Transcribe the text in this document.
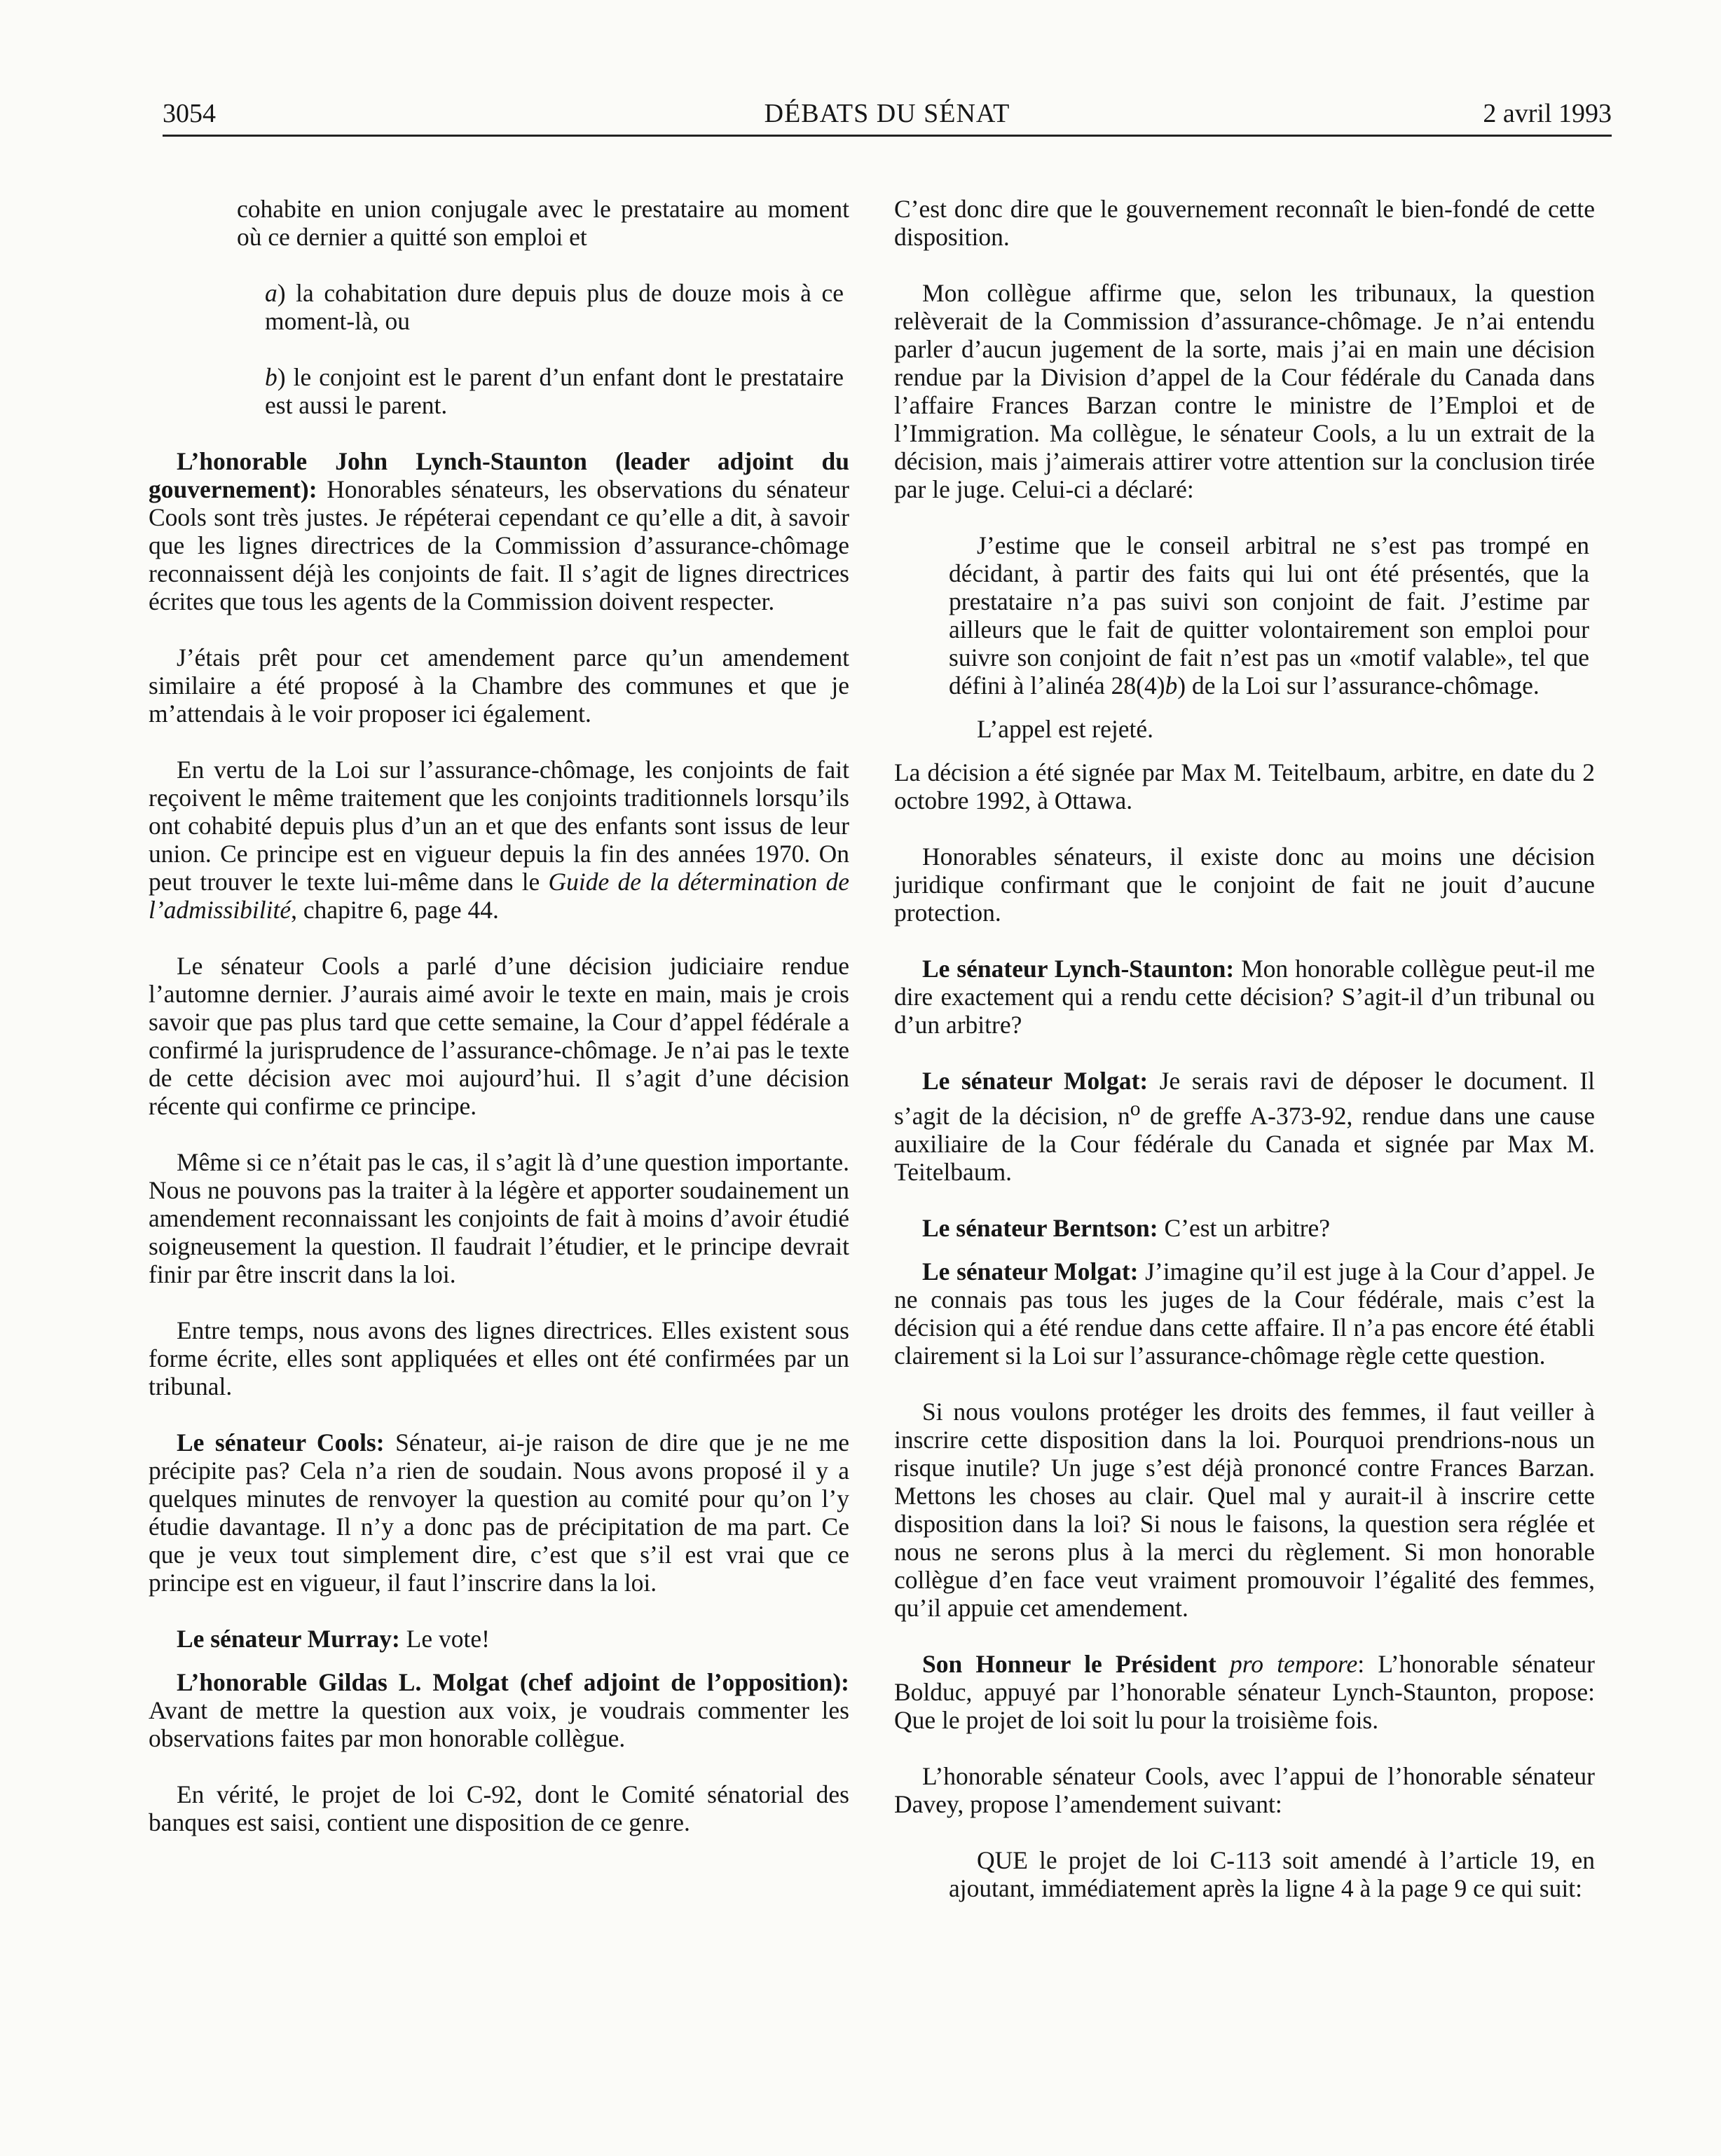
3054	DÉBATS DU SÉNAT	2 avril 1993

cohabite en union conjugale avec le prestataire au moment où ce dernier a quitté son emploi et

a) la cohabitation dure depuis plus de douze mois à ce moment-là, ou

b) le conjoint est le parent d’un enfant dont le prestataire est aussi le parent.

L’honorable John Lynch-Staunton (leader adjoint du gouvernement): Honorables sénateurs, les observations du sénateur Cools sont très justes. Je répéterai cependant ce qu’elle a dit, à savoir que les lignes directrices de la Commission d’assurance-chômage reconnaissent déjà les conjoints de fait. Il s’agit de lignes directrices écrites que tous les agents de la Commission doivent respecter.

J’étais prêt pour cet amendement parce qu’un amendement similaire a été proposé à la Chambre des communes et que je m’attendais à le voir proposer ici également.

En vertu de la Loi sur l’assurance-chômage, les conjoints de fait reçoivent le même traitement que les conjoints traditionnels lorsqu’ils ont cohabité depuis plus d’un an et que des enfants sont issus de leur union. Ce principe est en vigueur depuis la fin des années 1970. On peut trouver le texte lui-même dans le Guide de la détermination de l’admissibilité, chapitre 6, page 44.

Le sénateur Cools a parlé d’une décision judiciaire rendue l’automne dernier. J’aurais aimé avoir le texte en main, mais je crois savoir que pas plus tard que cette semaine, la Cour d’appel fédérale a confirmé la jurisprudence de l’assurance-chômage. Je n’ai pas le texte de cette décision avec moi aujourd’hui. Il s’agit d’une décision récente qui confirme ce principe.

Même si ce n’était pas le cas, il s’agit là d’une question importante. Nous ne pouvons pas la traiter à la légère et apporter soudainement un amendement reconnaissant les conjoints de fait à moins d’avoir étudié soigneusement la question. Il faudrait l’étudier, et le principe devrait finir par être inscrit dans la loi.

Entre temps, nous avons des lignes directrices. Elles existent sous forme écrite, elles sont appliquées et elles ont été confirmées par un tribunal.

Le sénateur Cools: Sénateur, ai-je raison de dire que je ne me précipite pas? Cela n’a rien de soudain. Nous avons proposé il y a quelques minutes de renvoyer la question au comité pour qu’on l’y étudie davantage. Il n’y a donc pas de précipitation de ma part. Ce que je veux tout simplement dire, c’est que s’il est vrai que ce principe est en vigueur, il faut l’inscrire dans la loi.

Le sénateur Murray: Le vote!

L’honorable Gildas L. Molgat (chef adjoint de l’opposition): Avant de mettre la question aux voix, je voudrais commenter les observations faites par mon honorable collègue.

En vérité, le projet de loi C-92, dont le Comité sénatorial des banques est saisi, contient une disposition de ce genre.

C’est donc dire que le gouvernement reconnaît le bien-fondé de cette disposition.

Mon collègue affirme que, selon les tribunaux, la question relèverait de la Commission d’assurance-chômage. Je n’ai entendu parler d’aucun jugement de la sorte, mais j’ai en main une décision rendue par la Division d’appel de la Cour fédérale du Canada dans l’affaire Frances Barzan contre le ministre de l’Emploi et de l’Immigration. Ma collègue, le sénateur Cools, a lu un extrait de la décision, mais j’aimerais attirer votre attention sur la conclusion tirée par le juge. Celui-ci a déclaré:

J’estime que le conseil arbitral ne s’est pas trompé en décidant, à partir des faits qui lui ont été présentés, que la prestataire n’a pas suivi son conjoint de fait. J’estime par ailleurs que le fait de quitter volontairement son emploi pour suivre son conjoint de fait n’est pas un «motif valable», tel que défini à l’alinéa 28(4)b) de la Loi sur l’assurance-chômage.

L’appel est rejeté.

La décision a été signée par Max M. Teitelbaum, arbitre, en date du 2 octobre 1992, à Ottawa.

Honorables sénateurs, il existe donc au moins une décision juridique confirmant que le conjoint de fait ne jouit d’aucune protection.

Le sénateur Lynch-Staunton: Mon honorable collègue peut-il me dire exactement qui a rendu cette décision? S’agit-il d’un tribunal ou d’un arbitre?

Le sénateur Molgat: Je serais ravi de déposer le document. Il s’agit de la décision, $n^o$ de greffe A-373-92, rendue dans une cause auxiliaire de la Cour fédérale du Canada et signée par Max M. Teitelbaum.

Le sénateur Berntson: C’est un arbitre?

Le sénateur Molgat: J’imagine qu’il est juge à la Cour d’appel. Je ne connais pas tous les juges de la Cour fédérale, mais c’est la décision qui a été rendue dans cette affaire. Il n’a pas encore été établi clairement si la Loi sur l’assurance-chômage règle cette question.

Si nous voulons protéger les droits des femmes, il faut veiller à inscrire cette disposition dans la loi. Pourquoi prendrions-nous un risque inutile? Un juge s’est déjà prononcé contre Frances Barzan. Mettons les choses au clair. Quel mal y aurait-il à inscrire cette disposition dans la loi? Si nous le faisons, la question sera réglée et nous ne serons plus à la merci du règlement. Si mon honorable collègue d’en face veut vraiment promouvoir l’égalité des femmes, qu’il appuie cet amendement.

Son Honneur le Président pro tempore: L’honorable sénateur Bolduc, appuyé par l’honorable sénateur Lynch-Staunton, propose: Que le projet de loi soit lu pour la troisième fois.

L’honorable sénateur Cools, avec l’appui de l’honorable sénateur Davey, propose l’amendement suivant:

QUE le projet de loi C-113 soit amendé à l’article 19, en ajoutant, immédiatement après la ligne 4 à la page 9 ce qui suit:
